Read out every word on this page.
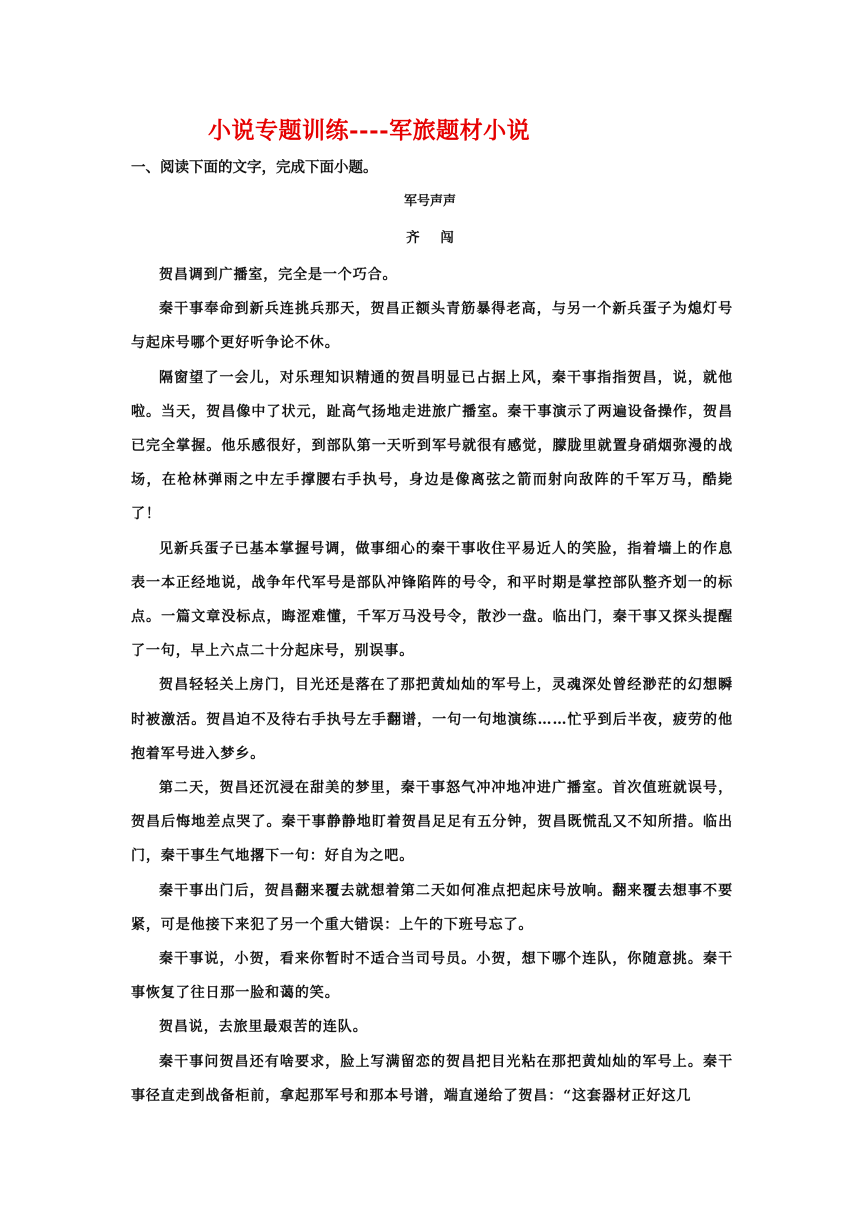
小说专题训练----军旅题材小说
一、阅读下面的文字，完成下面小题。
军号声声
齐 闯

贺昌调到广播室，完全是一个巧合。

秦干事奉命到新兵连挑兵那天，贺昌正额头青筋暴得老高，与另一个新兵蛋子为熄灯号与起床号哪个更好听争论不休。

隔窗望了一会儿，对乐理知识精通的贺昌明显已占据上风，秦干事指指贺昌，说，就他啦。当天，贺昌像中了状元，趾高气扬地走进旅广播室。秦干事演示了两遍设备操作，贺昌已完全掌握。他乐感很好，到部队第一天听到军号就很有感觉，朦胧里就置身硝烟弥漫的战场，在枪林弹雨之中左手撑腰右手执号，身边是像离弦之箭而射向敌阵的千军万马，酷毙了！

见新兵蛋子已基本掌握号调，做事细心的秦干事收住平易近人的笑脸，指着墙上的作息表一本正经地说，战争年代军号是部队冲锋陷阵的号令，和平时期是掌控部队整齐划一的标点。一篇文章没标点，晦涩难懂，千军万马没号令，散沙一盘。临出门，秦干事又探头提醒了一句，早上六点二十分起床号，别误事。

贺昌轻轻关上房门，目光还是落在了那把黄灿灿的军号上，灵魂深处曾经渺茫的幻想瞬时被激活。贺昌迫不及待右手执号左手翻谱，一句一句地演练……忙乎到后半夜，疲劳的他抱着军号进入梦乡。

第二天，贺昌还沉浸在甜美的梦里，秦干事怒气冲冲地冲进广播室。首次值班就误号，贺昌后悔地差点哭了。秦干事静静地盯着贺昌足足有五分钟，贺昌既慌乱又不知所措。临出门，秦干事生气地撂下一句：好自为之吧。

秦干事出门后，贺昌翻来覆去就想着第二天如何准点把起床号放响。翻来覆去想事不要紧，可是他接下来犯了另一个重大错误：上午的下班号忘了。

秦干事说，小贺，看来你暂时不适合当司号员。小贺，想下哪个连队，你随意挑。秦干事恢复了往日那一脸和蔼的笑。

贺昌说，去旅里最艰苦的连队。

秦干事问贺昌还有啥要求，脸上写满留恋的贺昌把目光粘在那把黄灿灿的军号上。秦干事径直走到战备柜前，拿起那军号和那本号谱，端直递给了贺昌：“这套器材正好这几
